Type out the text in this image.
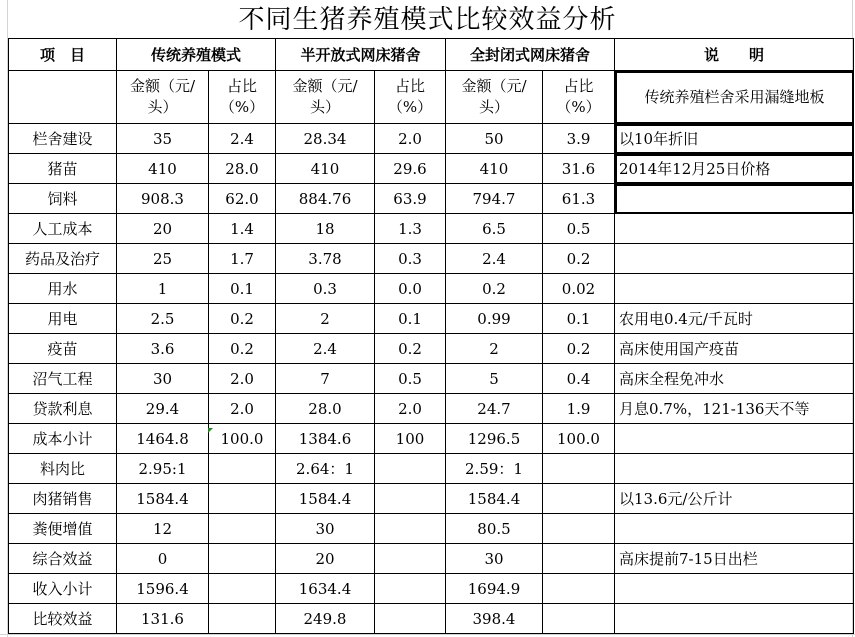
不同生猪养殖模式比较效益分析
项　目	传统养殖模式		半开放式网床猪舍		全封闭式网床猪舍		说　　明
	金额（元/头）	占比（%）	金额（元/ 头）	占比（%）	金额（元/ 头）	占比（%）	传统养殖栏舍采用漏缝地板
栏舍建设	35	2.4	28.34	2.0	50	3.9	以10年折旧
猪苗	410	28.0	410	29.6	410	31.6	2014年12月25日价格
饲料	908.3	62.0	884.76	63.9	794.7	61.3	
人工成本	20	1.4	18	1.3	6.5	0.5	
药品及治疗	25	1.7	3.78	0.3	2.4	0.2	
用水	1	0.1	0.3	0.0	0.2	0.02	
用电	2.5	0.2	2	0.1	0.99	0.1	农用电0.4元/千瓦时
疫苗	3.6	0.2	2.4	0.2	2	0.2	高床使用国产疫苗
沼气工程	30	2.0	7	0.5	5	0.4	高床全程免冲水
贷款利息	29.4	2.0	28.0	2.0	24.7	1.9	月息0.7%，121-136天不等
成本小计	1464.8	100.0	1384.6	100	1296.5	100.0	
料肉比	2.95:1		2.64：1		2.59：1		
肉猪销售	1584.4		1584.4		1584.4		以13.6元/公斤计
粪便增值	12		30		80.5		
综合效益	0		20		30		高床提前7-15日出栏
收入小计	1596.4		1634.4		1694.9		
比较效益	131.6		249.8		398.4		
